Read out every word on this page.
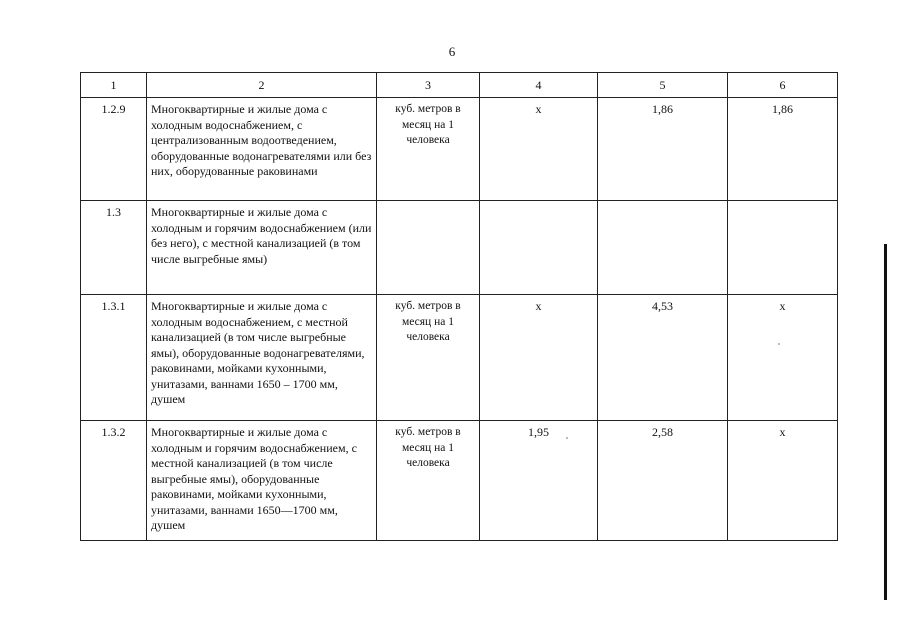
6
1	2	3	4	5	6
1.2.9	Многоквартирные и жилые дома с холодным водоснабжением, с централизованным водоотведением, оборудованные водонагревателями или без них, оборудованные раковинами	куб. метров в месяц на 1 человека	х	1,86	1,86
1.3	Многоквартирные и жилые дома с холодным и горячим водоснабжением (или без него), с местной канализацией (в том числе выгребные ямы)				
1.3.1	Многоквартирные и жилые дома с холодным водоснабжением, с местной канализацией (в том числе выгребные ямы), оборудованные водонагревателями, раковинами, мойками кухонными, унитазами, ваннами 1650 – 1700 мм, душем	куб. метров в месяц на 1 человека	х	4,53	х
1.3.2	Многоквартирные и жилые дома с холодным и горячим водоснабжением, с местной канализацией (в том числе выгребные ямы), оборудованные раковинами, мойками кухонными, унитазами, ваннами 1650—1700 мм, душем	куб. метров в месяц на 1 человека	1,95	2,58	х
